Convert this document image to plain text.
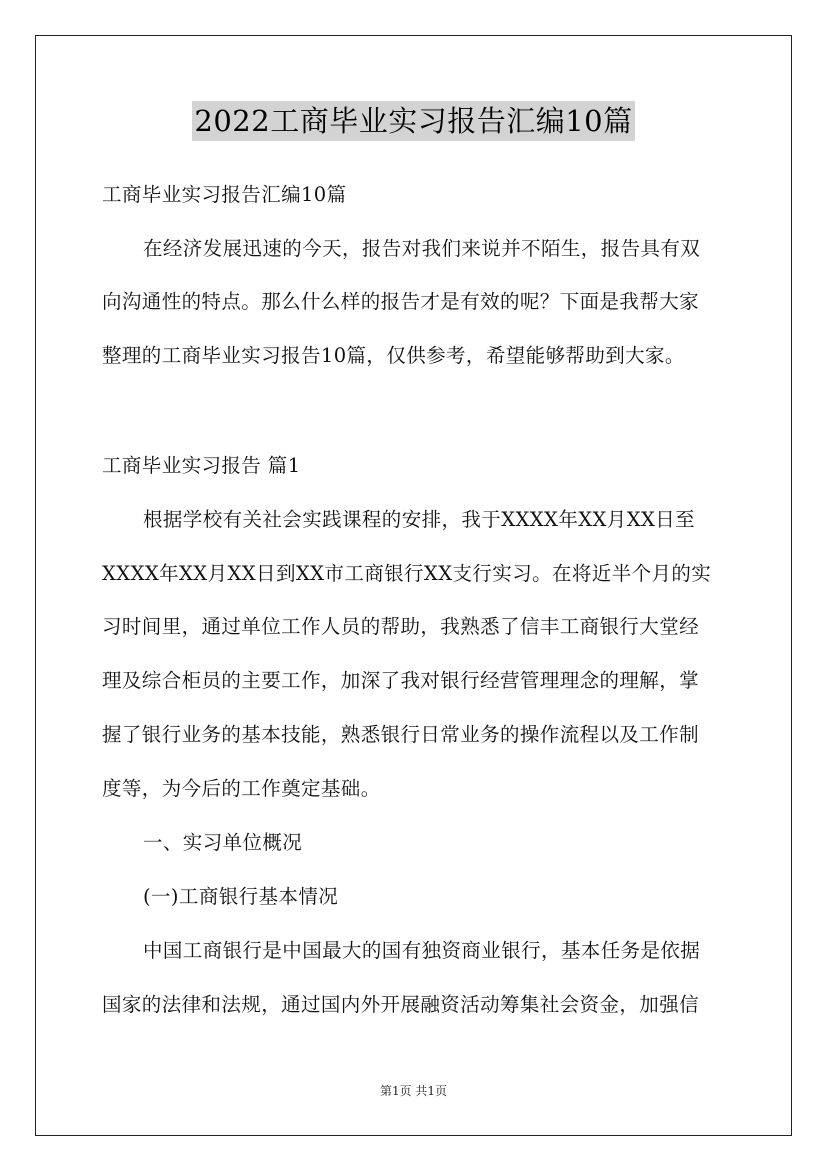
2022工商毕业实习报告汇编10篇
工商毕业实习报告汇编10篇
在经济发展迅速的今天，报告对我们来说并不陌生，报告具有双
向沟通性的特点。那么什么样的报告才是有效的呢？下面是我帮大家
整理的工商毕业实习报告10篇，仅供参考，希望能够帮助到大家。
工商毕业实习报告 篇1
根据学校有关社会实践课程的安排，我于XXXX年XX月XX日至
XXXX年XX月XX日到XX市工商银行XX支行实习。在将近半个月的实
习时间里，通过单位工作人员的帮助，我熟悉了信丰工商银行大堂经
理及综合柜员的主要工作，加深了我对银行经营管理理念的理解，掌
握了银行业务的基本技能，熟悉银行日常业务的操作流程以及工作制
度等，为今后的工作奠定基础。
一、实习单位概况
(一)工商银行基本情况
中国工商银行是中国最大的国有独资商业银行，基本任务是依据
国家的法律和法规，通过国内外开展融资活动筹集社会资金，加强信
第1页 共1页
